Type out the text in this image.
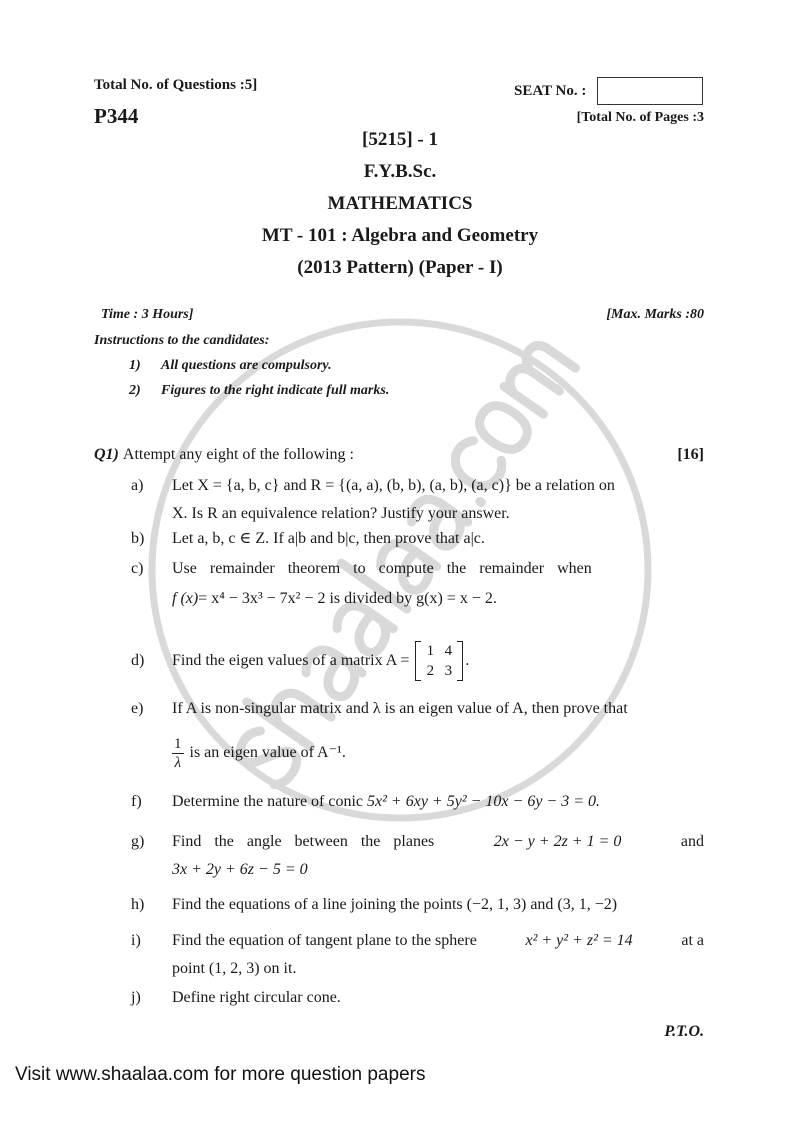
Total No. of Questions :5]
P344
SEAT No. :
[Total No. of Pages :3
[5215] - 1
F.Y.B.Sc.
MATHEMATICS
MT - 101 : Algebra and Geometry
(2013 Pattern) (Paper - I)
Time : 3 Hours]	[Max. Marks :80
Instructions to the candidates:
1) All questions are compulsory.
2) Figures to the right indicate full marks.
Q1) Attempt any eight of the following :	[16]
a)	Let X = {a, b, c} and R = {(a, a), (b, b), (a, b), (a, c)} be a relation on
X. Is R an equivalence relation? Justify your answer.
b)	Let a, b, c ∈ Z. If a|b and b|c, then prove that a|c.
c)	Use remainder theorem to compute the remainder when
f (x)= x⁴ − 3x³ − 7x² − 2 is divided by g(x) = x − 2.
d)	Find the eigen values of a matrix A =
1 4
2 3
.
e)	If A is non-singular matrix and λ is an eigen value of A, then prove that
$\frac{1}{\lambda}$ is an eigen value of A⁻¹.
f)	Determine the nature of conic 5x² + 6xy + 5y² − 10x − 6y − 3 = 0.
g)	Find the angle between the planes	2x − y + 2z + 1 = 0	and
3x + 2y + 6z − 5 = 0
h)	Find the equations of a line joining the points (−2, 1, 3) and (3, 1, −2)
i)	Find the equation of tangent plane to the sphere	x² + y² + z² = 14	at a
point (1, 2, 3) on it.
j)	Define right circular cone.
P.T.O.
Visit www.shaalaa.com for more question papers
